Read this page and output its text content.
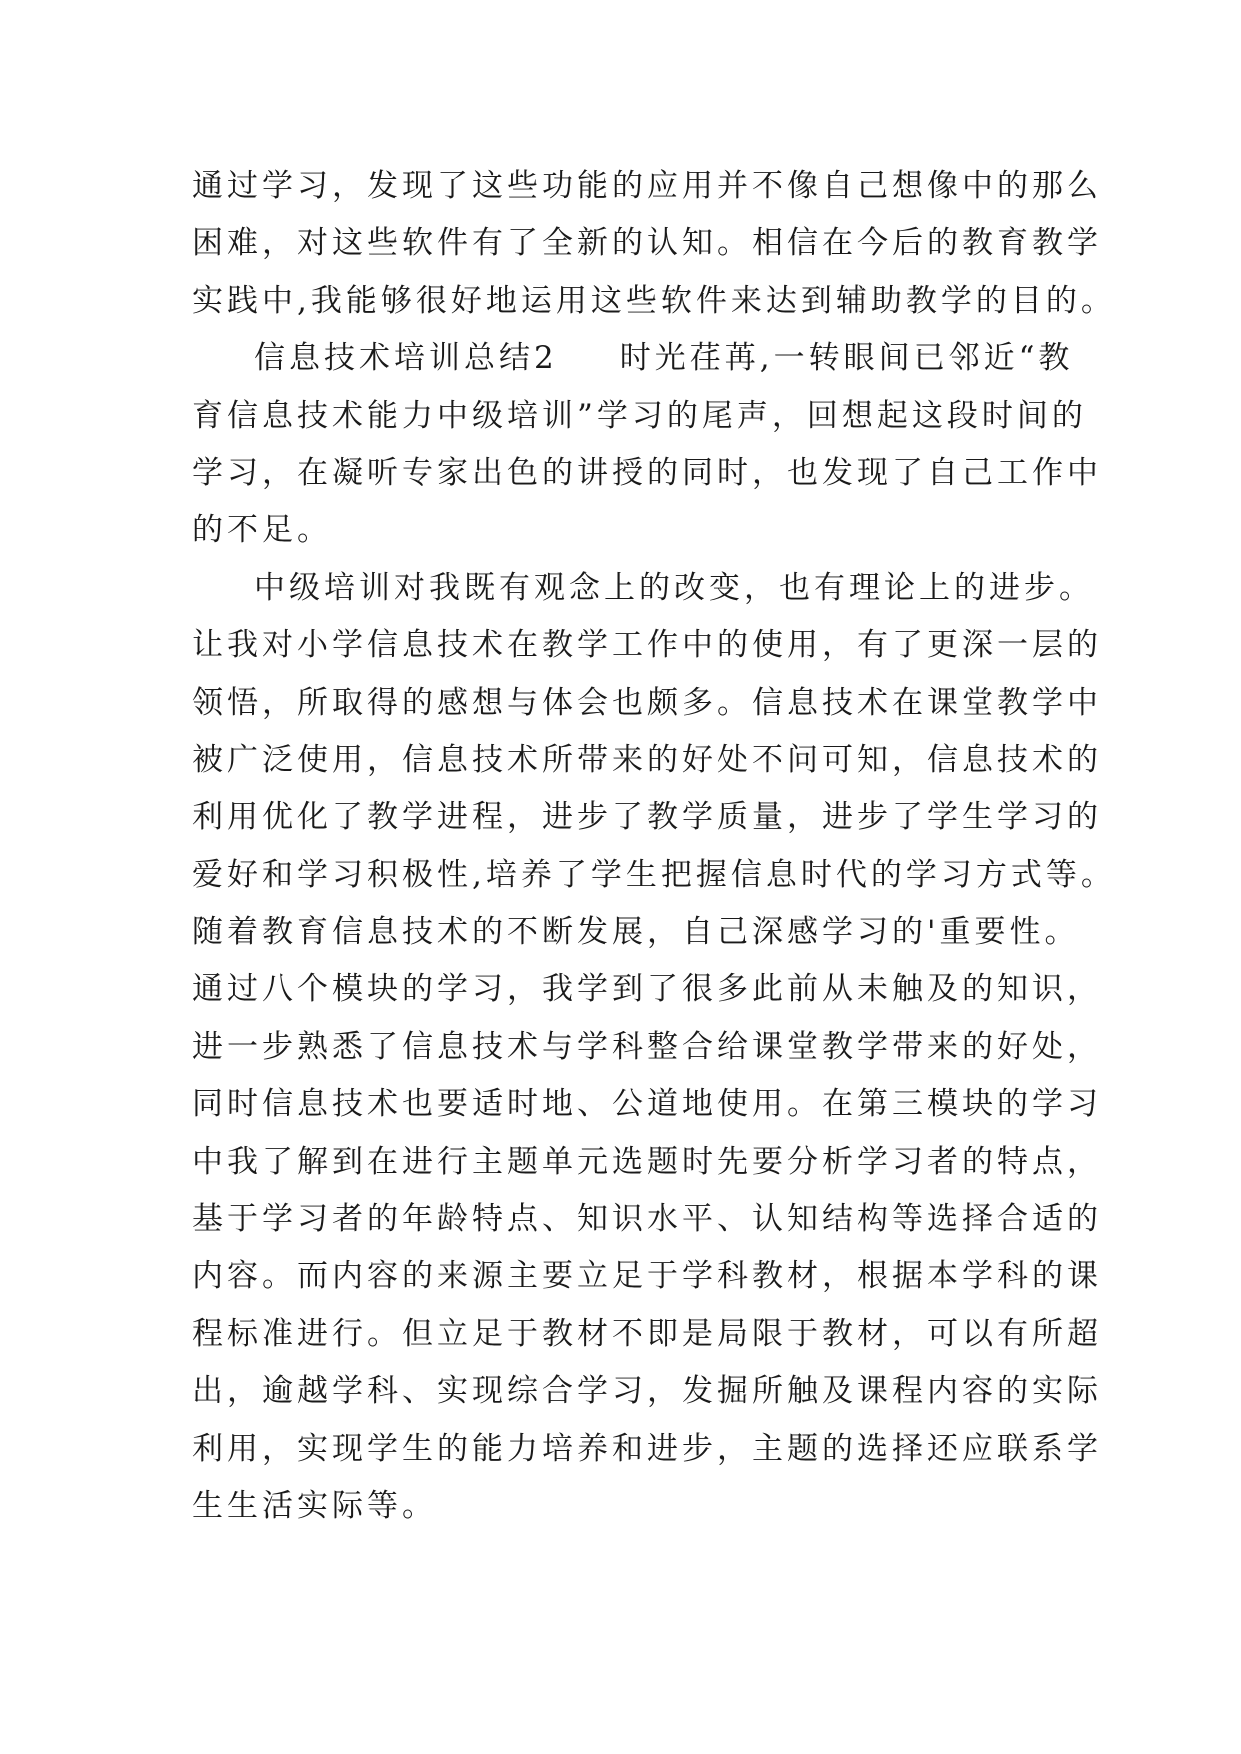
通过学习，发现了这些功能的应用并不像自己想像中的那么
困难，对这些软件有了全新的认知。相信在今后的教育教学
实践中,我能够很好地运用这些软件来达到辅助教学的目的。
信息技术培训总结2 时光荏苒,一转眼间已邻近“教
育信息技术能力中级培训”学习的尾声，回想起这段时间的
学习，在凝听专家出色的讲授的同时，也发现了自己工作中
的不足。
中级培训对我既有观念上的改变，也有理论上的进步。
让我对小学信息技术在教学工作中的使用，有了更深一层的
领悟，所取得的感想与体会也颇多。信息技术在课堂教学中
被广泛使用，信息技术所带来的好处不问可知，信息技术的
利用优化了教学进程，进步了教学质量，进步了学生学习的
爱好和学习积极性,培养了学生把握信息时代的学习方式等。
随着教育信息技术的不断发展，自己深感学习的'重要性。
通过八个模块的学习，我学到了很多此前从未触及的知识，
进一步熟悉了信息技术与学科整合给课堂教学带来的好处，
同时信息技术也要适时地、公道地使用。在第三模块的学习
中我了解到在进行主题单元选题时先要分析学习者的特点，
基于学习者的年龄特点、知识水平、认知结构等选择合适的
内容。而内容的来源主要立足于学科教材，根据本学科的课
程标准进行。但立足于教材不即是局限于教材，可以有所超
出，逾越学科、实现综合学习，发掘所触及课程内容的实际
利用，实现学生的能力培养和进步，主题的选择还应联系学
生生活实际等。
